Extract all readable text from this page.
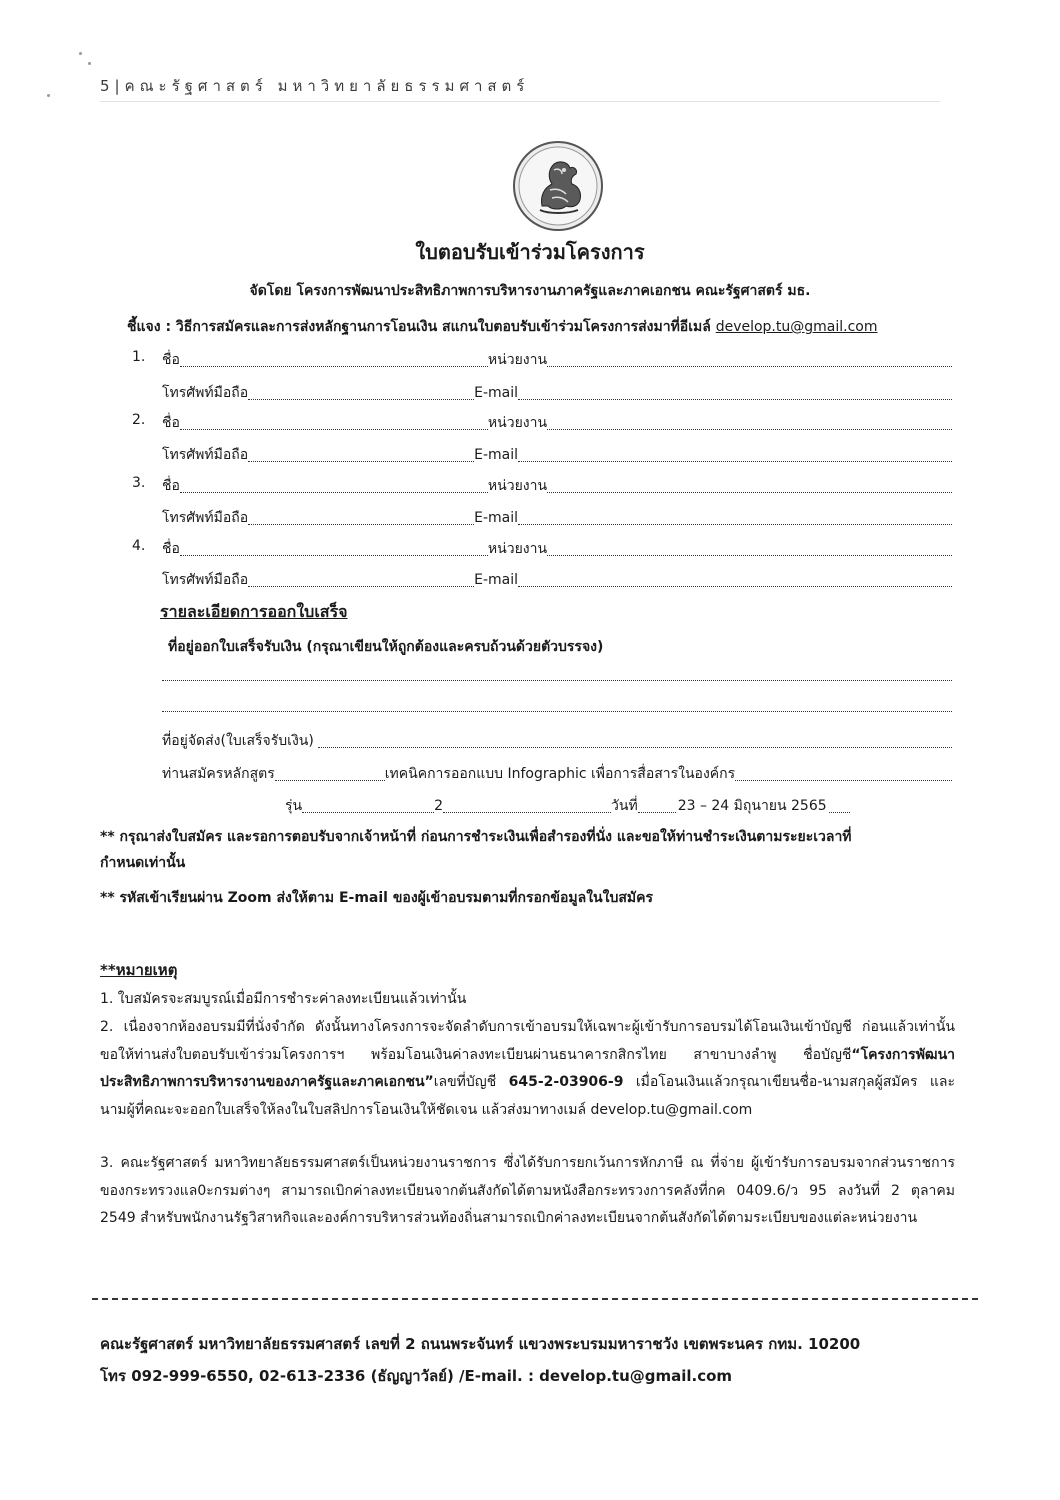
5|คณะรัฐศาสตร์ มหาวิทยาลัยธรรมศาสตร์
ใบตอบรับเข้าร่วมโครงการ
จัดโดย โครงการพัฒนาประสิทธิภาพการบริหารงานภาครัฐและภาคเอกชน คณะรัฐศาสตร์ มธ.
ชี้แจง : วิธีการสมัครและการส่งหลักฐานการโอนเงิน สแกนใบตอบรับเข้าร่วมโครงการส่งมาที่อีเมล์ develop.tu@gmail.com
1. ชื่อ	หน่วยงาน
โทรศัพท์มือถือ	E-mail
2. ชื่อ	หน่วยงาน
โทรศัพท์มือถือ	E-mail
3. ชื่อ	หน่วยงาน
โทรศัพท์มือถือ	E-mail
4. ชื่อ	หน่วยงาน
โทรศัพท์มือถือ	E-mail
รายละเอียดการออกใบเสร็จ
ที่อยู่ออกใบเสร็จรับเงิน (กรุณาเขียนให้ถูกต้องและครบถ้วนด้วยตัวบรรจง)
ที่อยู่จัดส่ง(ใบเสร็จรับเงิน)
ท่านสมัครหลักสูตร	เทคนิคการออกแบบ Infographic เพื่อการสื่อสารในองค์กร
รุ่น	2	วันที่	23 – 24 มิถุนายน 2565
** กรุณาส่งใบสมัคร และรอการตอบรับจากเจ้าหน้าที่ ก่อนการชำระเงินเพื่อสำรองที่นั่ง และขอให้ท่านชำระเงินตามระยะเวลาที่
กำหนดเท่านั้น
** รหัสเข้าเรียนผ่าน Zoom ส่งให้ตาม E-mail ของผู้เข้าอบรมตามที่กรอกข้อมูลในใบสมัคร
**หมายเหตุ
1. ใบสมัครจะสมบูรณ์เมื่อมีการชำระค่าลงทะเบียนแล้วเท่านั้น
2. เนื่องจากห้องอบรมมีที่นั่งจำกัด ดังนั้นทางโครงการจะจัดลำดับการเข้าอบรมให้เฉพาะผู้เข้ารับการอบรมได้โอนเงินเข้าบัญชี ก่อนแล้วเท่านั้น ขอให้ท่านส่งใบตอบรับเข้าร่วมโครงการฯ พร้อมโอนเงินค่าลงทะเบียนผ่านธนาคารกสิกรไทย สาขาบางลำพู ชื่อบัญชี“โครงการพัฒนาประสิทธิภาพการบริหารงานของภาครัฐและภาคเอกชน”เลขที่บัญชี 645-2-03906-9 เมื่อโอนเงินแล้วกรุณาเขียนชื่อ-นามสกุลผู้สมัคร และนามผู้ที่คณะจะออกใบเสร็จให้ลงในใบสลิปการโอนเงินให้ชัดเจน แล้วส่งมาทางเมล์ develop.tu@gmail.com
3. คณะรัฐศาสตร์ มหาวิทยาลัยธรรมศาสตร์เป็นหน่วยงานราชการ ซึ่งได้รับการยกเว้นการหักภาษี ณ ที่จ่าย ผู้เข้ารับการอบรมจากส่วนราชการของกระทรวงแล0ะกรมต่างๆ สามารถเบิกค่าลงทะเบียนจากต้นสังกัดได้ตามหนังสือกระทรวงการคลังที่กค 0409.6/ว 95 ลงวันที่ 2 ตุลาคม 2549 สำหรับพนักงานรัฐวิสาหกิจและองค์การบริหารส่วนท้องถิ่นสามารถเบิกค่าลงทะเบียนจากต้นสังกัดได้ตามระเบียบของแต่ละหน่วยงาน
คณะรัฐศาสตร์ มหาวิทยาลัยธรรมศาสตร์ เลขที่ 2 ถนนพระจันทร์ แขวงพระบรมมหาราชวัง เขตพระนคร กทม. 10200
โทร 092-999-6550, 02-613-2336 (ธัญญาวัลย์) /E-mail. : develop.tu@gmail.com
